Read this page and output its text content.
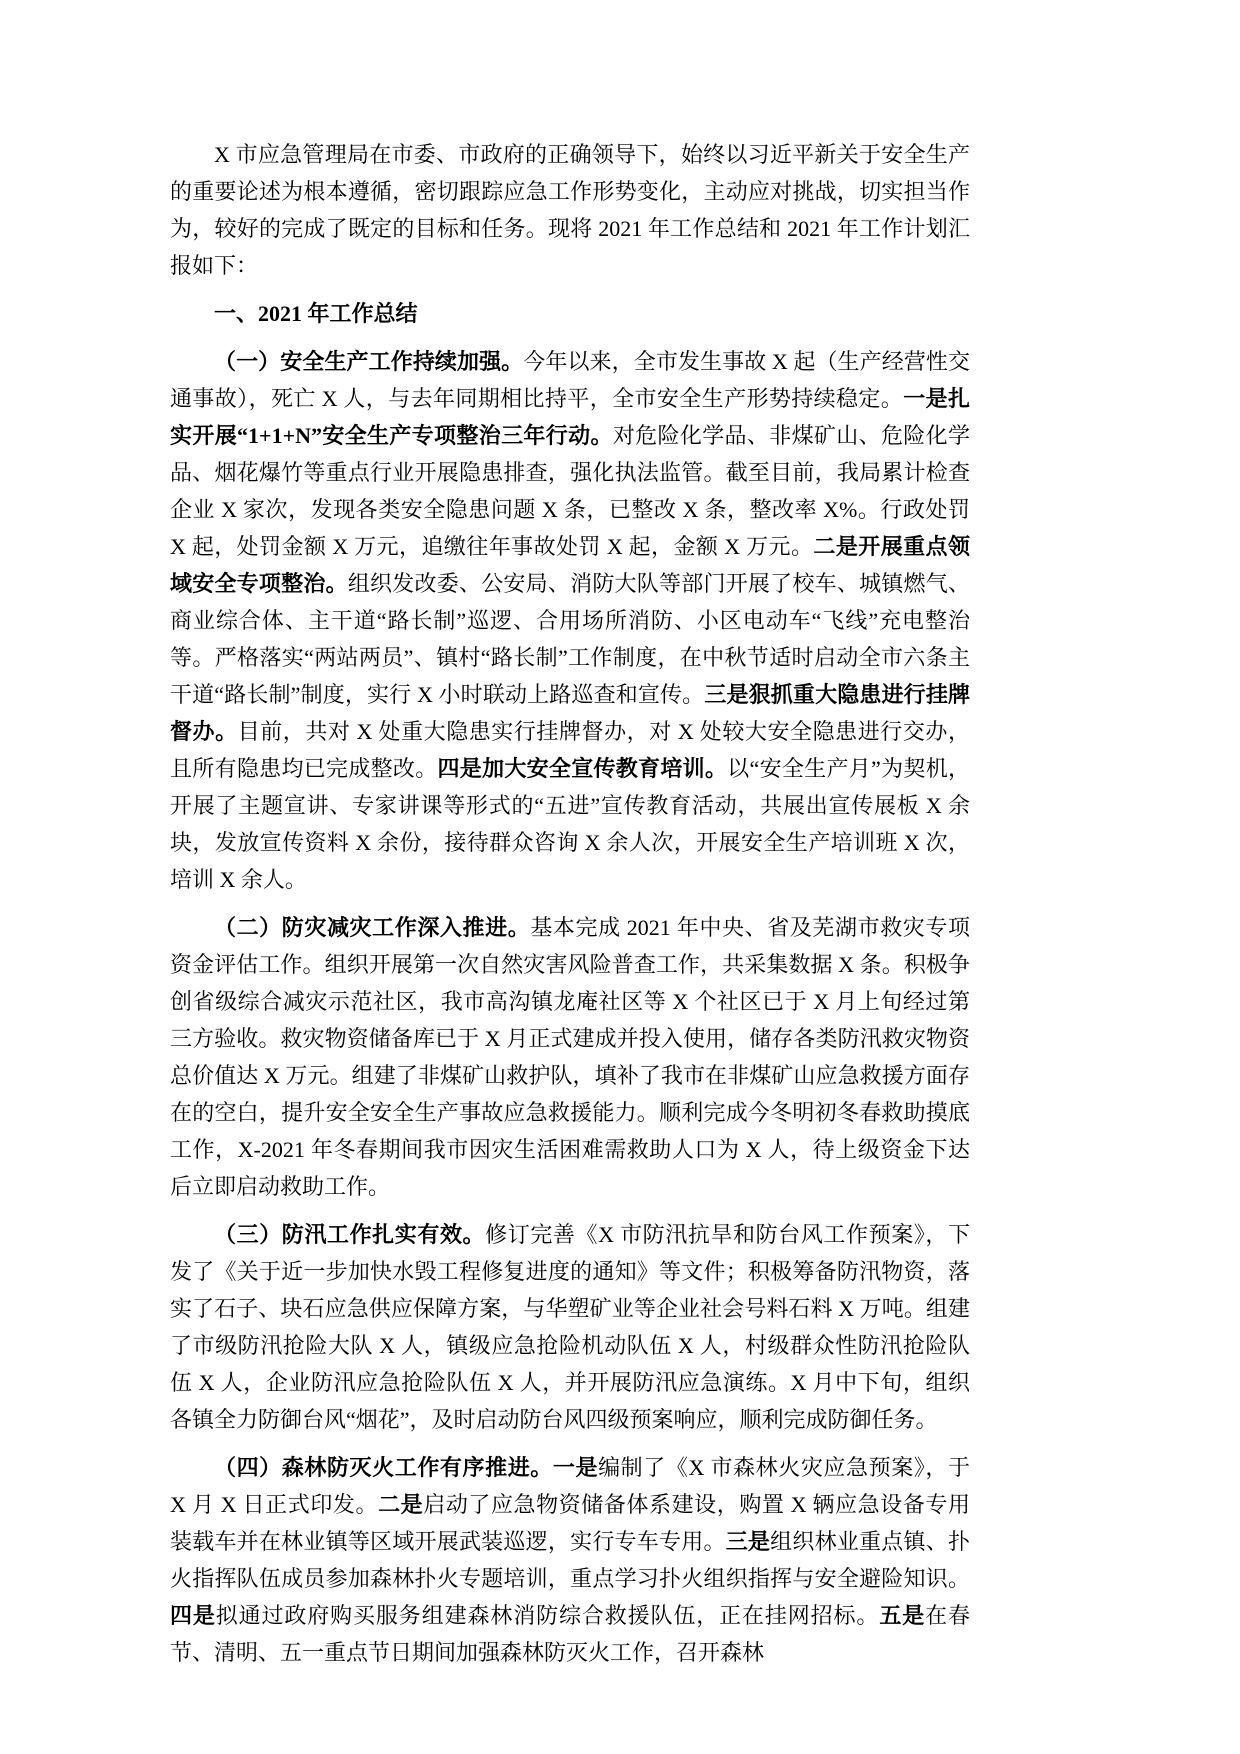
X 市应急管理局在市委、市政府的正确领导下，始终以习近平新关于安全生产的重要论述为根本遵循，密切跟踪应急工作形势变化，主动应对挑战，切实担当作为，较好的完成了既定的目标和任务。现将 2021 年工作总结和 2021 年工作计划汇报如下：

一、2021 年工作总结

（一）安全生产工作持续加强。今年以来，全市发生事故 X 起（生产经营性交通事故），死亡 X 人，与去年同期相比持平，全市安全生产形势持续稳定。一是扎实开展“1+1+N”安全生产专项整治三年行动。对危险化学品、非煤矿山、危险化学品、烟花爆竹等重点行业开展隐患排查，强化执法监管。截至目前，我局累计检查企业 X 家次，发现各类安全隐患问题 X 条，已整改 X 条，整改率 X%。行政处罚 X 起，处罚金额 X 万元，追缴往年事故处罚 X 起，金额 X 万元。二是开展重点领域安全专项整治。组织发改委、公安局、消防大队等部门开展了校车、城镇燃气、商业综合体、主干道“路长制”巡逻、合用场所消防、小区电动车“飞线”充电整治等。严格落实“两站两员”、镇村“路长制”工作制度，在中秋节适时启动全市六条主干道“路长制”制度，实行 X 小时联动上路巡查和宣传。三是狠抓重大隐患进行挂牌督办。目前，共对 X 处重大隐患实行挂牌督办，对 X 处较大安全隐患进行交办，且所有隐患均已完成整改。四是加大安全宣传教育培训。以“安全生产月”为契机，开展了主题宣讲、专家讲课等形式的“五进”宣传教育活动，共展出宣传展板 X 余块，发放宣传资料 X 余份，接待群众咨询 X 余人次，开展安全生产培训班 X 次，培训 X 余人。

（二）防灾减灾工作深入推进。基本完成 2021 年中央、省及芜湖市救灾专项资金评估工作。组织开展第一次自然灾害风险普查工作，共采集数据 X 条。积极争创省级综合减灾示范社区，我市高沟镇龙庵社区等 X 个社区已于 X 月上旬经过第三方验收。救灾物资储备库已于 X 月正式建成并投入使用，储存各类防汛救灾物资总价值达 X 万元。组建了非煤矿山救护队，填补了我市在非煤矿山应急救援方面存在的空白，提升安全安全生产事故应急救援能力。顺利完成今冬明初冬春救助摸底工作，X-2021 年冬春期间我市因灾生活困难需救助人口为 X 人，待上级资金下达后立即启动救助工作。

（三）防汛工作扎实有效。修订完善《X 市防汛抗旱和防台风工作预案》，下发了《关于近一步加快水毁工程修复进度的通知》等文件；积极筹备防汛物资，落实了石子、块石应急供应保障方案，与华塑矿业等企业社会号料石料 X 万吨。组建了市级防汛抢险大队 X 人，镇级应急抢险机动队伍 X 人，村级群众性防汛抢险队伍 X 人，企业防汛应急抢险队伍 X 人，并开展防汛应急演练。X 月中下旬，组织各镇全力防御台风“烟花”，及时启动防台风四级预案响应，顺利完成防御任务。

（四）森林防灭火工作有序推进。一是编制了《X 市森林火灾应急预案》，于 X 月 X 日正式印发。二是启动了应急物资储备体系建设，购置 X 辆应急设备专用装载车并在林业镇等区域开展武装巡逻，实行专车专用。三是组织林业重点镇、扑火指挥队伍成员参加森林扑火专题培训，重点学习扑火组织指挥与安全避险知识。四是拟通过政府购买服务组建森林消防综合救援队伍，正在挂网招标。五是在春节、清明、五一重点节日期间加强森林防灭火工作，召开森林
